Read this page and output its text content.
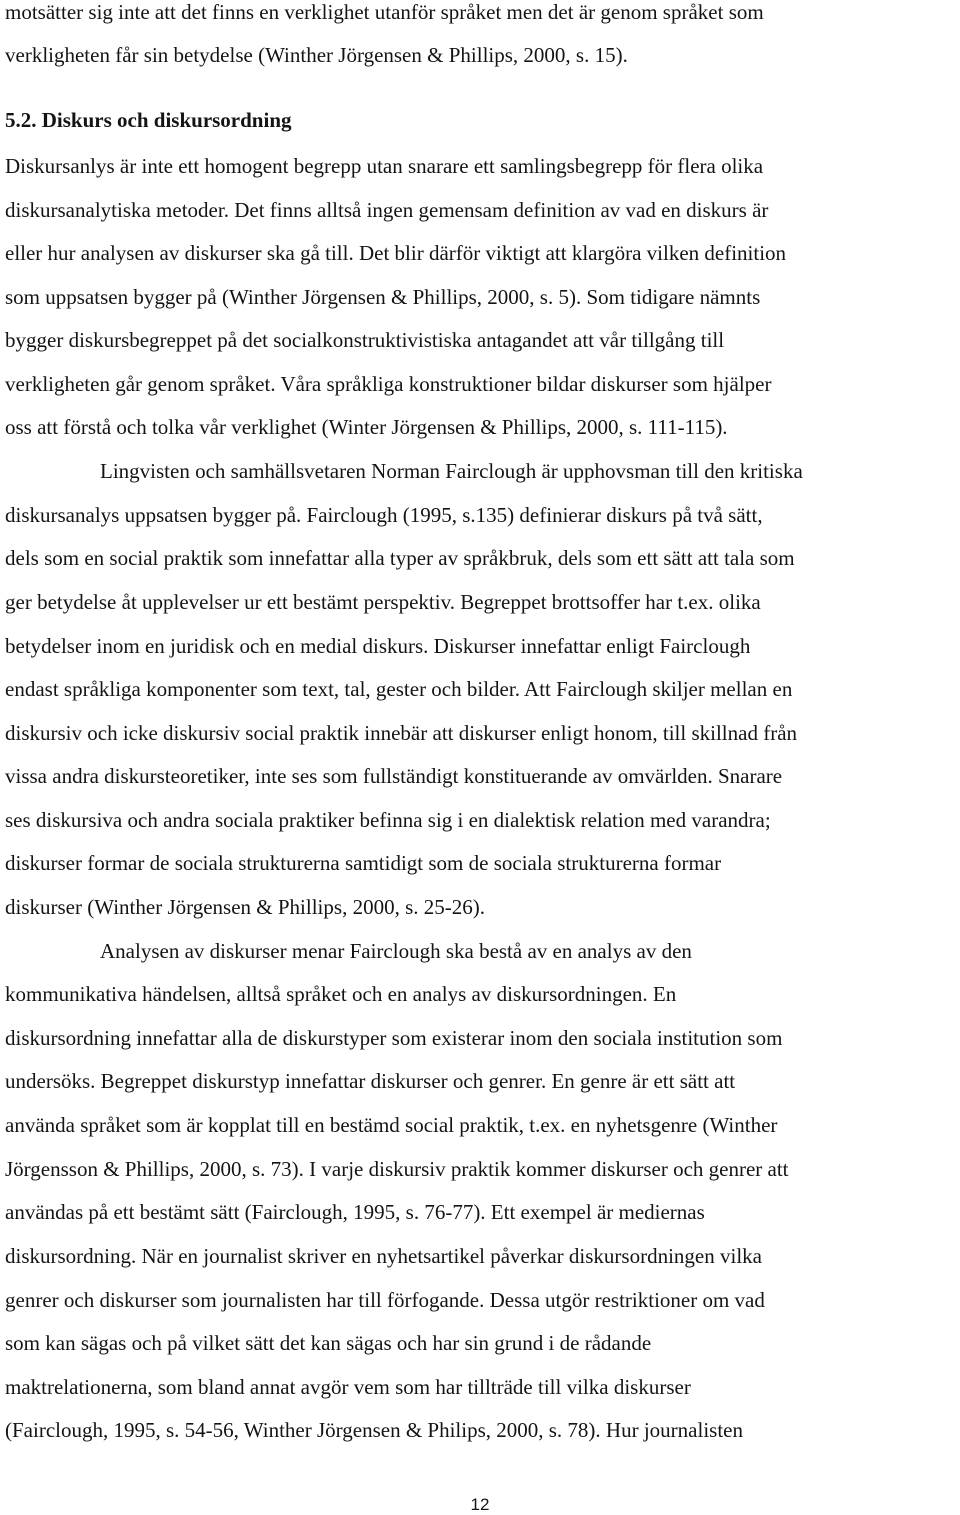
motsätter sig inte att det finns en verklighet utanför språket men det är genom språket som

verkligheten får sin betydelse (Winther Jörgensen & Phillips, 2000, s. 15).

5.2. Diskurs och diskursordning

Diskursanlys är inte ett homogent begrepp utan snarare ett samlingsbegrepp för flera olika

diskursanalytiska metoder. Det finns alltså ingen gemensam definition av vad en diskurs är

eller hur analysen av diskurser ska gå till. Det blir därför viktigt att klargöra vilken definition

som uppsatsen bygger på (Winther Jörgensen & Phillips, 2000, s. 5). Som tidigare nämnts

bygger diskursbegreppet på det socialkonstruktivistiska antagandet att vår tillgång till

verkligheten går genom språket. Våra språkliga konstruktioner bildar diskurser som hjälper

oss att förstå och tolka vår verklighet (Winter Jörgensen & Phillips, 2000, s. 111-115).

Lingvisten och samhällsvetaren Norman Fairclough är upphovsman till den kritiska

diskursanalys uppsatsen bygger på. Fairclough (1995, s.135) definierar diskurs på två sätt,

dels som en social praktik som innefattar alla typer av språkbruk, dels som ett sätt att tala som

ger betydelse åt upplevelser ur ett bestämt perspektiv. Begreppet brottsoffer har t.ex. olika

betydelser inom en juridisk och en medial diskurs. Diskurser innefattar enligt Fairclough

endast språkliga komponenter som text, tal, gester och bilder. Att Fairclough skiljer mellan en

diskursiv och icke diskursiv social praktik innebär att diskurser enligt honom, till skillnad från

vissa andra diskursteoretiker, inte ses som fullständigt konstituerande av omvärlden. Snarare

ses diskursiva och andra sociala praktiker befinna sig i en dialektisk relation med varandra;

diskurser formar de sociala strukturerna samtidigt som de sociala strukturerna formar

diskurser (Winther Jörgensen & Phillips, 2000, s. 25-26).

Analysen av diskurser menar Fairclough ska bestå av en analys av den

kommunikativa händelsen, alltså språket och en analys av diskursordningen. En

diskursordning innefattar alla de diskurstyper som existerar inom den sociala institution som

undersöks. Begreppet diskurstyp innefattar diskurser och genrer. En genre är ett sätt att

använda språket som är kopplat till en bestämd social praktik, t.ex. en nyhetsgenre (Winther

Jörgensson & Phillips, 2000, s. 73). I varje diskursiv praktik kommer diskurser och genrer att

användas på ett bestämt sätt (Fairclough, 1995, s. 76-77). Ett exempel är mediernas

diskursordning. När en journalist skriver en nyhetsartikel påverkar diskursordningen vilka

genrer och diskurser som journalisten har till förfogande. Dessa utgör restriktioner om vad

som kan sägas och på vilket sätt det kan sägas och har sin grund i de rådande

maktrelationerna, som bland annat avgör vem som har tillträde till vilka diskurser

(Fairclough, 1995, s. 54-56, Winther Jörgensen & Philips, 2000, s. 78). Hur journalisten

12
